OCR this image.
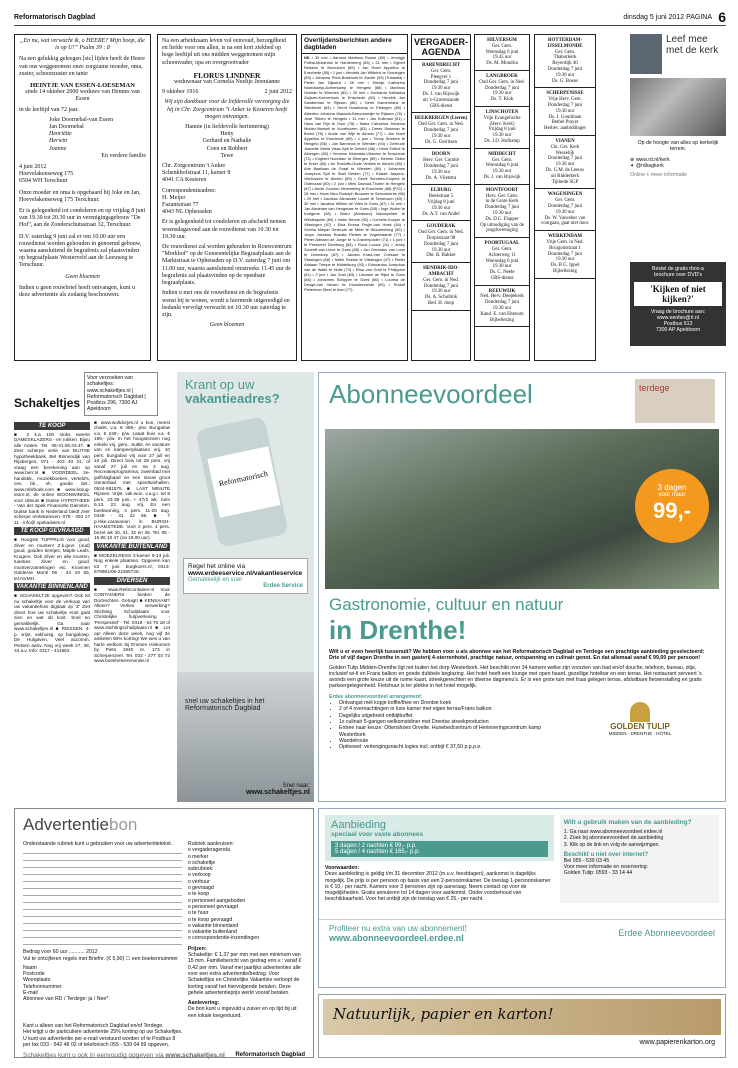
Reformatorisch Dagblad	dinsdag 5 juni 2012 PAGINA 6
„En nu, wat verwacht ik, o HEERE? Mijn hoop, die is op U!” Psalm 39 : 8
Na een gelukkig geleegen [sic] lijden heeft de Heere van ons weggenomen onze zorgzame moeder, oma, zuster, schoonzuster en tante
HEINTJE VAN ESSEN-LOESEMAN
sinds 14 oktober 2000 weduwe van Hennes van Essen
in de leeftijd van 72 jaar.
Joke Doornebal-van Essen
Jan Doornebal
Henriëtte
Herwin
Joanne
En verdere familie
4 juni 2012
Hoevelakenseweg 175
6594 WH Terschuur
Onze moeder en oma is opgebaard bij Joke en Jan, Hoevelakenseweg 175 Terschuur.
Er is gelegenheid tot condoleren en op vrijdag 8 juni van 19.30 tot 20.30 uur in verenigingsgebouw "De Hof", aan de Zonderschutsstraat 32, Terschuur.
D.V. zaterdag 9 juni zal er om 10.00 uur een rouwdienst worden gehouden in genoemd gebouw, waarna aansluitend de begrafenis zal plaatsvinden op begraafplaats Westerveld aan de Leeuweg te Terschuur.
Geen bloemen
Indien u geen rouwbrief heeft ontvangen, kunt u deze advertentie als zodanig beschouwen.
Na een arbeidzaam leven vol eenvoud, bezorgdheid en liefde voor ons allen, is na een kort ziekbed op hoge leeftijd uit ons midden weggenomen mijn schoonvader, opa en overgrootvader
FLORUS LINDNER
weduwnaar van Cornelia Neeltje Jerenianne
9 oktober 1916	2 juni 2012
Wij zijn dankbaar voor de liefdevolle verzorging die hij in Chr. Zorgcentrum "t Anker te Kesteren heeft mogen ontvangen.
Hannie (in liefdevolle herinnering)
Hetty
Gerhard en Nathalie
Coen en Robbert
Tewe
Chr. Zorgcentrum 't Anker
Schenkhofstraat 11, kamer 8
4041 CA Kesteren
Correspondentieadres:
H. Meijer
Fazantstraat 77
4043 NL Opheusden
Er is gelegenheid tot condoleren en afscheid nemen woensdagavond aan de rouwdienst van 10.30 tot 19.30 uur.
De rouwdienst zal worden gehouden in Rouwcentrum "Morkhof" op de Gemeentelijke Begraafplaats aan de Marktstraat te Opheusden op D.V. zaterdag 7 juni om 11.00 uur, waarna aansluitend omstreeks 11.45 uur de begrafenis zal plaatsvinden op de openbare begraafplaats.
Indien u met ons de rouwdienst en de begrafenis wenst bij te wonen, wordt u hiermede uitgenodigd en bedankt vervolgt verwacht tot 10.30 uur zaterdag te zijn.
Geen bloemen
Overlijdensberichten andere dagbladen
ND • 30 mei • Aarnout Martinus Roose (89) • Jennigje Poliha-Mulderink te Hardenberg (83) • 31 mei • Egbert Reikens te Borculoen (85) • Jan Hoeri Appelloo te Enschede (85) • 1 juni • Hendrik Jan Wilbrink te Groningen (83) • Johanna Prins-Boekhold te Zwolle (93) |Tubantia| • Pieter Jan Dijkstra • 28 mei • Sientje Catharina Noordkamp-Achterkamp te Hengelo (88) • Martinus Holman te Wierden (82) • 29 mei • Gerharda Kathalina Zwijsen-Knevenhuis te Enschede (83) • Hendrik Jan Sanderman te Rijssen (86) • Gerrit Kamermans te Sliedrecht (84) • Gerrit Hosekamp te Eibergen (85) • Albertha Johanna Wassink-Breuneweijer te Rijssen (76) • Jesé Tibben te Hengelo • 31 mei • Jan Kolkman (51) • Hans van Rijn te Goor (78) • Maria Catharina Johanna Mulder-Marsell te Voorthuizen (83) • Drees Stokman te Borne (78) • Annie van Wijk te Almelo (77) • Jan Hoeri Appelloo te Enschede (85) • 1 juni • Tonny Snellers te Hengelo (56) • Jan Banninck te Wierden (94) • Gertrude Jeanette Maria Visse-Spit te Delden (88) • Henk Eldhof te Albergen (89) • Hermine Kinkelaar-Visscher te Enschede (72) • Engbert Noordam te Eibergen (89) • Bennie Olden te Enter (65) • An Roeloffs-Oude Veldink te Almelo (85) • Arie Bastiaan de Graaf te Wierden (80) • Johannes Josephus Spit te Stad Delden (77) • Klaske Jaspers-Veldhuizen te Almelo (89) • Gerrit Scholten-Kuipers te Oldenzaal (80) • 2 juni • Mies Davood-Tholen te Hengelo (87) • Annie Goonen-Hemmeling te Enschede (88) |PZC| • 28 mei • Hans Nico Rudolph Brouwer te Serooskerke (66) • 29 mei • Jacobus Alexander Lauret te Terneuzen (83) • 30 mei • Jacobus Willem de Vries te Goes (87) • 31 mei • Jan Abraham van Hengelaar te Goes (58) • Inge Woltel te Kortgene (48) • Bram (Abraham) Nieuwpolder te Westkapelle (89) • Ineke Neune (92) • Cornelis Kooyer te Vlissingen (67) • Elsa Emma Frisjer-van Hoek (84) • Gretha Marjan Gertrude de Meer te Woudenberg (90) • Josyn Jacobus Rosalia Pieters te Vogelwaarde (77) • Pieter Adriaan de Jonge te 's-Gravenpolder (71) • 1 juni • te Pressend Domburg (83) • Ruud Louws (11) • Jenny Scheriff van Lieve te Goes (86) • Jan Gerardus van Loon te Lewedorp (87) • Jacoba Kraut-van Coesant te Vlissingen (88) • Nellie Roelse te Vlissingen (47) • Pieter Adriaan Trimpe te Middelburg (93) • Edouardus Josephus van de Walle te Hulst (73) • Elisa van Groll te Philippine (81) • 2 juni • Jan Goei (83) • Lieuwke de Rijke te Goes (86) • Johannes Schipper te Goes (86) • Lourina de Deugd-van Velzen te Kloosterzande (83) • Rudolf Pieterman Steel te Axel (77).
VERGADER-AGENDA
BARENDRECHT
Ger. Gem.
Pleegvei 1
Donderdag 7 juni
19.30 uur
Ds. J. van Rijswijk
uit 's-Gravenzande
GBS-dienst
BEEKBERGEN (Lieren)
Oud Ger. Gem. in Ned.
Donderdag 7 juni
19.30 uur
Ds. G. Gerritsen
DOORN
Herv. Ger. Comité
Donderdag 7 juni
19.30 uur
Ds. A. Vlietstra
ELBURG
Beekstraat 5
Vrijdag 8 juni
19.30 uur
Ds. A.T. van Andel
GOUDERAK
Oud Ger. Gem. in Ned.
Dorpsstraat 98
Donderdag 7 juni
19.30 uur
Dhr. R. Bakker
HENDRIK-IDO-AMBACHT
Ger. Gem. in Ned.
Donderdag 7 juni
19.30 uur
Ds. A. Schultink
Bed. H. doop
HILVERSUM
Ger. Gem.
Woensdag 6 juni
19.45 uur
Ds. M. Mondria
LANGBROEK
Oud Ger. Gem. in Ned.
Donderdag 7 juni
19.30 uur
Ds. T. Klok
LINSCHOTEN
Vrije Evangelische
(Herv. Kerk)
Vrijdag 8 juni
19.30 uur
Ds. J.D. Hofkamp
MIDDECHT
Ger. Gem.
Woensdag 6 juni
19.30 uur
Ds. J. van Rijswijk
MONTFOORT
Herv. Ger. Gem.
in de Grote Kerk
Donderdag 7 juni
19.30 uur
Ds. D.C. Flapper
Op uitnodiging van de
jeugdvereniging
POORTUGAAL
Ger. Gem.
Achterweg 11
Woensdag 6 juni
19.30 uur
Ds. C. Neele
GBS-dienst
REEUWIJK
Ned. Herv. Deepekerk
Donderdag 7 juni
19.30 uur
Kand. E. van Eltenum
Bijbellezing
ROTTERDAM-IJSSELMONDE
Ger. Gem.
Thaborkerk
Reyerdijk 40
Donderdag 7 juni
19.30 uur
Ds. G. Boens
SCHERPENISSE
Vrije Herv. Gem.
Donderdag 7 juni
19.30 uur
Ds. J. Goudriaan
Bethel Prayer
Herbev. aanbiddinger
VIANEN
Chr. Ger. Kerk
Wesselijk
Donderdag 7 juni
19.30 uur
Ds. G.M. de Leeuw
uit Ridderkerk
Tijdrede SGP
WAGENINGEN
Ger. Gem.
Donderdag 7 juni
19.30 uur
Ds. W. Vanceker van
voorgaan, gaat niet door.
WERKENDAM
Vrije Gem. in Ned.
Bruigomstraat 1
Donderdag 7 juni
19.30 uur
Ds. B.G. Ippel
Bijbellezing
Leef mee
met de kerk
Op de hoogte van alles op kerkelijk terrein.
⊕ www.rd.nl/kerk
✦ @rdkagkerk
Online + meer informatie
Bestel de gratis rbox-a
brochure over DVD's
'Kijken of niet kijken?'
Vraag de brochure aan:
www.eenfan@rl.nl
Postbus 613
7300 AP Apeldoorn
Schakeltjes
Voor verzoeken van schakeltjes: www.schakeltjes.nl | Reformatorisch Dagblad | Postbus 296, 7300 AJ Apeldoorn
TE KOOP
■ 2 k.a 100 stoks ewerte DAMESKLAZERS - en rokken. Bijou alle maten. Tel. 06-31.06.33.47. ■ Zeer scherpe verle van BUITSE hypotheekbank. Bel Binnendijk van Rijsbergen, 071 - 403 40 31, of vraag een berekening aan op www.berr.nl ■ VOORDEEL. 2e-handsbk., muziekboeken, verteld's, cev. bk., vh. goede det.: www.rebrboek.com ■ www.lissug-store.nl, de online WOONWINKEL voor Utleus! ■ Duitse HYPOTHEEK - Van der Spek Financiële Diensten. Duitse bank in Nederland biedt zeer scherpe rentetarieven. 078 - 303 17 11 - info@ spekadvies.nl
TE KOOP GEVRAAGD
■ Hoogste TUPPRLIS voor goud, zilver en munten! Z.k.gevr. (oud) goud, gouden tientjes, Maple Leafs, Krugers. Ook zilver en alle munten, tuanties zilver en goud, muntverzamelingen etc. Krovinen Gelderse Munt! 06 - 44 19 55, tel.NVMH.
VAKANTIE BINNENLAND
■ SCHAKELTJE opgeven? Ook tel nu schakeltje voor de verkoop van uw vakantiehuis digitaal op 'Z' Ziet direct hoe uw schakeltje eruit gaat zien en wat dit kost. Snel en gemakkelijk. Ga naar www.schakeltjes.nl ■ RIESSEN. 4-p. vrijst. vakhuisg. op bungalowp. De Hulgaven. Veel accomm. Pietsen aanv. Nog vrij week 27, 38, 34 a.v. Info: 0317 - 411863.
■ www.woltdorjes.nl u kon, meest chalet, v.a. € 399,- p/w. Bungalow v.a. € 249,- p/w. Laaat buis v.a. € 199,- p/w. In het hoogseizoen nog enkele vrij. gem., Sulkit, en vacature van en kampeerplaatsen vrij. 10 pers. bungalow vrij voor 27 juli en 10 juli. Direct bois tot 28 pers. vrij vanaf 27 juli en na 3 aug. Recreatieprogramma, zwembad met golfslagbaad en een nieuw groot Genterbad met speeltuinhallen. 0524-581575. ■ LAST MINUTE Rijssen. Vrijst. vak.won. v.a.g.r. tot 8 pers. 23-38 juni, + 47/2 wk. ruim 9.13. 23 aug. vrij. En een boekwoning, 4 pers. 11-25 aug. 0348 - 31 22 69. ■ 7 p./ske.caravanan in BURGH-HAAMSTEDE. Voor 2 pers. 4 pers. bezet wk 30, 31, 32 en 36. Tel. 06 - 15 86 10 47 (na 19.00 uur).
VAKANTIE BUITENLAND
■ MOEZELRESS 3-kamer 9-13 juli. Nog enkele plaatsen. Opgeven kan tot 7 juni. burgkoers.nl, 0313-579881/06-22366728.
DIVERSEN
■ www.RefoContainer.nl Voor CONTAINERS bieden de Dortrechten. Getuigt! ■ KENSAAM? Alleen? Verlies verwerking? Stichting Schuilplaats voor Christelijke hulpverlening - 'Perspectief' - Tel. 0318 - 54 70 18 of www.stichtingschuilplaats.nl ■ Let op! Alleen deze week, nog vijf 2e artikelen 50% korting! We wes u van harte welkom bij Emmen Hiekomes by Piets 1940 nr. 173 in Scherpenzeel. Tel. 033 - 277 03 72 www.boekhetverenende.nl
Krant op uw
vakantieadres?
Reformatorisch
Regel het online via
www.erdeeservice.nl/vakantieservice
Gemakkelijk en snel
Erdee Service
snel uw schakeltjes in het
Reformatorisch Dagblad
Snel naar:
www.schakeltjes.nl
Abonneevoordeel	terdege
3 dagen
voor maar
99,-
Gastronomie, cultuur en natuur
in Drenthe!
Wilt u er even heerlijk tussenuit? We hebben voor u als abonnee van het Reformatorisch Dagblad en Terdege een prachtige aanbieding geselecteerd: Drie of vijf dagen Drenthe in een gastvrij 4-sterrenhotel, prachtige natuur, ontspanning en culinair genot. En dat allemaal vanaf € 99,00 per persoon!
Golden Tulip Midden-Drenthe ligt net buiten het dorp Westerbork. Het beschikt over 34 kamers welke zijn voorzien van bad en/of douche, telefoon, bureau, zitje, inclusief wi-fi en Frans balkon en goede dubbele beglazing. Het hotel heeft een lounge met open haard, gezellige hotelbar en een terras. Het restaurant serveert 's avonds een grote keuze uit de ruime kaart, streekgerechten en diverse dagmenu's. Er is een grote tuin met fraai gelegen terras, afsluitbare fietsenstalling en gratis parkeergelegenheid. Fietshuur is ter plekke in het hotel mogelijk.
Erdee abonneevoordeel arrangement:
• Ontvangst met kopje koffie/thee en Drentse koek
• 2 of 4 overnachtingen in luxe kamer met eigen terras/Frans balkon
• Dagelijks uitgebreid ontbijtbuffet
• 1x culinair 5-gangen welkomstdiner met Drentse streekproducten
• Entree naar keuze: Ottenshoes Orvelte. Hunebedcentrum of Herinneringscentrum kamp Westerbork
• Wandelroute
• Optioneel: verlengingsnacht logies incl. ontbijt € 37,50 p.p.p.e.
GOLDEN TULIP
MIDDEN · DRENTHE · HOTEL
Aanbieding
speciaal voor vaste abonnees
3 dagen / 2 nachten € 99,- p.p.
5 dagen / 4 nachten € 165,- p.p.
Voorwaarden:
Deze aanbieding is geldig t/m 31 december 2012 (m.u.v. feestdagen), aankomst is dagelijks mogelijk. De prijs is per persoon op basis van een 2-persoonskamer. De toeslag 1-persoonskamer is € 10,- per nacht. Kamers voor 3 personen zijn op aanvraag. Neem contact op voor de mogelijkheden. Gratis annuleren tot 14 dagen voor aankomst. Onder voorbehoud van beschikbaarheid. Voor het ontbijt zijn de toeslag van € 25,- per nacht.
Wilt u gebruik maken van de aanbieding?
1. Ga naar www.abonneevoordeel.erdee.nl
2. Zoek bij abonneevoordeel de aanbieding
3. Klik op de link en volg de aanwijzingen.
Beschikt u niet over internet?
Bel 055 - 539 03 45
Voor meer informatie en reservering:
Golden Tulip: 0593 - 33 14 44
Profiteer nu extra van uw abonnement!
www.abonneevoordeel.erdee.nl	Erdee Abonneevoordeel
Advertentiebon
Onderstaande rubriek kunt u gebruiken voor uw advertentietekst.
Bedrag voor 60 uur ........... 2012
Vul te ontcijferen regels met Briefnr. (€ 5,90) ☐ een boekennummer
Naam
Postcode
Woonplaats
Telefoonnummer
E-mail
Abonnee van RD / Terdege: ja / Nee*
Rubriek aankruisen:
o vergaderagenda
o merker
o schakeltje
subrubriek:
o verkoop
o verhuur
o gevraagd
o te koop
o personeel aangeboden
o personeel gevraagd
o te huur
o te koop gevraagd
o vakantie binnenland
o vakantie buitenland
o correspondentie-inzendingen
Prijzen:
Schakeltje: € 1,37 per mm met een minimum van 15 mm. Familiebericht van gedrag enn.v.: vanaf € 0,42 per mm. Vanaf mei jaarlijks advertenties alle voor een extra advertentie/bedrag. Voor Schakeltjes en Christelijke Vakanties verloopt de korting vanaf het hiervolgende betalen. Deze gehele advertentieprijs werkt vooraf betalen.
Aanlevering:
De bon kunt u ingevuld u zuiver en op tijd bij uit een lokale toegestuurd.
Kant u alleen van het Reformatorisch Dagblad en/of Terdege.
Het krijgt u de particuliere advertentie 25% korting op uw Schakeltjes.
U kunt uw advertentie per e-mail verstuurd worden of te Postbus 8
per fax 033 - 542 48 02 of telefonisch 055 - 539 04 99 opgeven.
Schakeltjes kunt u ook in eenvoudig opgeven via www.schakeltjes.nl Reformatorisch Dagblad
Natuurlijk, papier en karton!
www.papierenkarton.org
